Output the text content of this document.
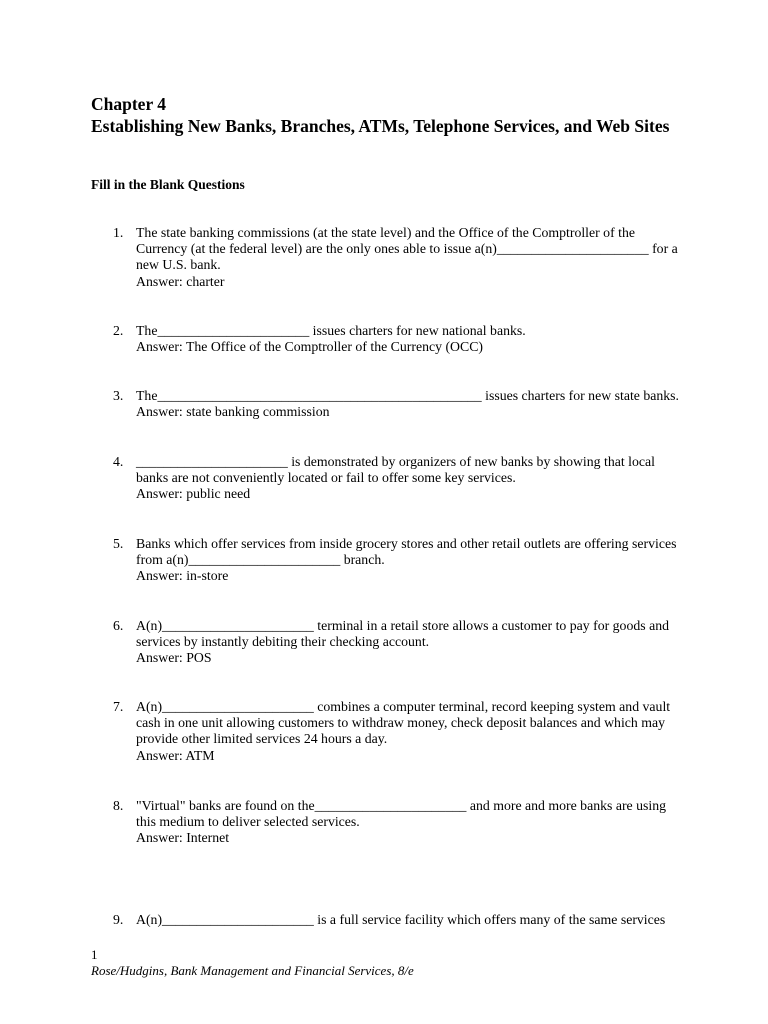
Chapter 4
Establishing New Banks, Branches, ATMs, Telephone Services, and Web Sites
Fill in the Blank Questions
1. The state banking commissions (at the state level) and the Office of the Comptroller of the
Currency (at the federal level) are the only ones able to issue a(n)______________________ for a
new U.S. bank.
Answer: charter
2. The______________________ issues charters for new national banks.
Answer: The Office of the Comptroller of the Currency (OCC)
3. The_______________________________________________ issues charters for new state banks.
Answer: state banking commission
4. ______________________ is demonstrated by organizers of new banks by showing that local
banks are not conveniently located or fail to offer some key services.
Answer: public need
5. Banks which offer services from inside grocery stores and other retail outlets are offering services
from a(n)______________________ branch.
Answer: in-store
6. A(n)______________________ terminal in a retail store allows a customer to pay for goods and
services by instantly debiting their checking account.
Answer: POS
7. A(n)______________________ combines a computer terminal, record keeping system and vault
cash in one unit allowing customers to withdraw money, check deposit balances and which may
provide other limited services 24 hours a day.
Answer: ATM
8. "Virtual" banks are found on the______________________ and more and more banks are using
this medium to deliver selected services.
Answer: Internet
9. A(n)______________________ is a full service facility which offers many of the same services
1
Rose/Hudgins, Bank Management and Financial Services, 8/e
